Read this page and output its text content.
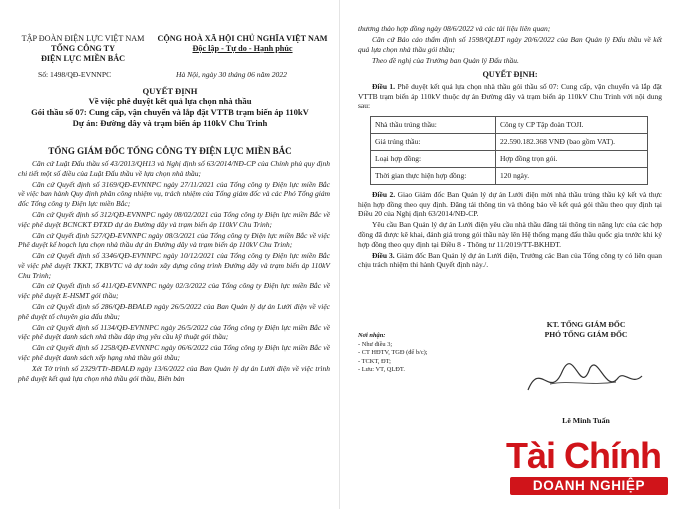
TẬP ĐOÀN ĐIỆN LỰC VIỆT NAM
TỔNG CÔNG TY
ĐIỆN LỰC MIỀN BẮC
CỘNG HOÀ XÃ HỘI CHỦ NGHĨA VIỆT NAM
Độc lập - Tự do - Hạnh phúc
Số: 1498/QĐ-EVNNPC	Hà Nội, ngày 30 tháng 06 năm 2022
QUYẾT ĐỊNH
Về việc phê duyệt kết quả lựa chọn nhà thầu
Gói thầu số 07: Cung cấp, vận chuyển và lắp đặt VTTB trạm biến áp 110kV
Dự án: Đường dây và trạm biến áp 110kV Chu Trinh
TỔNG GIÁM ĐỐC TỔNG CÔNG TY ĐIỆN LỰC MIỀN BẮC

Căn cứ Luật Đấu thầu số 43/2013/QH13 và Nghị định số 63/2014/NĐ-CP của Chính phủ quy định chi tiết một số điều của Luật Đấu thầu về lựa chọn nhà thầu;

Căn cứ Quyết định số 3169/QĐ-EVNNPC ngày 27/11/2021 của Tổng công ty Điện lực miền Bắc về việc ban hành Quy định phân công nhiệm vụ, trách nhiệm của Tổng giám đốc và các Phó Tổng giám đốc Tổng công ty Điện lực miền Bắc;

Căn cứ Quyết định số 312/QĐ-EVNNPC ngày 08/02/2021 của Tổng công ty Điện lực miền Bắc về việc phê duyệt BCNCKT ĐTXD dự án Đường dây và trạm biến áp 110kV Chu Trinh;

Căn cứ Quyết định 527/QĐ-EVNNPC ngày 08/3/2021 của Tổng công ty Điện lực miền Bắc về việc Phê duyệt kế hoạch lựa chọn nhà thầu dự án Đường dây và trạm biến áp 110kV Chu Trinh;

Căn cứ Quyết định số 3346/QĐ-EVNNPC ngày 10/12/2021 của Tổng công ty Điện lực miền Bắc về việc phê duyệt TKKT, TKBVTC và dự toán xây dựng công trình Đường dây và trạm biến áp 110kV Chu Trinh;

Căn cứ Quyết định số 411/QĐ-EVNNPC ngày 02/3/2022 của Tổng công ty Điện lực miền Bắc về việc phê duyệt E-HSMT gói thầu;

Căn cứ Quyết định số 286/QĐ-BĐALĐ ngày 26/5/2022 của Ban Quản lý dự án Lưới điện về việc phê duyệt tổ chuyên gia đấu thầu;

Căn cứ Quyết định số 1134/QĐ-EVNNPC ngày 26/5/2022 của Tổng công ty Điện lực miền Bắc về việc phê duyệt danh sách nhà thầu đáp ứng yêu cầu kỹ thuật gói thầu;

Căn cứ Quyết định số 1258/QĐ-EVNNPC ngày 06/6/2022 của Tổng công ty Điện lực miền Bắc về việc phê duyệt danh sách xếp hạng nhà thầu gói thầu;

Xét Tờ trình số 2329/TTr-BĐALĐ ngày 13/6/2022 của Ban Quản lý dự án Lưới điện về việc trình phê duyệt kết quả lựa chọn nhà thầu gói thầu, Biên bản

thương thảo hợp đồng ngày 08/6/2022 và các tài liệu liên quan;

Căn cứ Báo cáo thẩm định số 1598/QLĐT ngày 20/6/2022 của Ban Quản lý Đấu thầu về kết quả lựa chọn nhà thầu gói thầu;

Theo đề nghị của Trưởng ban Quản lý Đấu thầu.

QUYẾT ĐỊNH:

Điều 1. Phê duyệt kết quả lựa chọn nhà thầu gói thầu số 07: Cung cấp, vận chuyển và lắp đặt VTTB trạm biến áp 110kV thuộc dự án Đường dây và trạm biến áp 110kV Chu Trinh với nội dung sau:

Nhà thầu trúng thầu:	Công ty CP Tập đoàn TOJI.
Giá trúng thầu:	22.590.182.368 VNĐ (bao gồm VAT).
Loại hợp đồng:	Hợp đồng trọn gói.
Thời gian thực hiện hợp đồng:	120 ngày.

Điều 2. Giao Giám đốc Ban Quản lý dự án Lưới điện mời nhà thầu trúng thầu ký kết và thực hiện hợp đồng theo quy định. Đăng tải thông tin và thông báo về kết quả gói thầu theo quy định tại Điều 20 của Nghị định 63/2014/NĐ-CP.

Yêu cầu Ban Quản lý dự án Lưới điện yêu cầu nhà thầu đăng tải thông tin năng lực của các hợp đồng đã được kê khai, đánh giá trong gói thầu này lên Hệ thống mạng đấu thầu quốc gia trước khi ký hợp đồng theo quy định tại Điều 8 - Thông tư 11/2019/TT-BKHĐT.

Điều 3. Giám đốc Ban Quản lý dự án Lưới điện, Trưởng các Ban của Tổng công ty có liên quan chịu trách nhiệm thi hành Quyết định này./.

Nơi nhận:
- Như điều 3;
- CT HĐTV, TGĐ (để b/c);
- TCKT, ĐT;
- Lưu: VT, QLĐT.
KT. TỔNG GIÁM ĐỐC
PHÓ TỔNG GIÁM ĐỐC
Lê Minh Tuấn
Tài Chính
DOANH NGHIỆP
